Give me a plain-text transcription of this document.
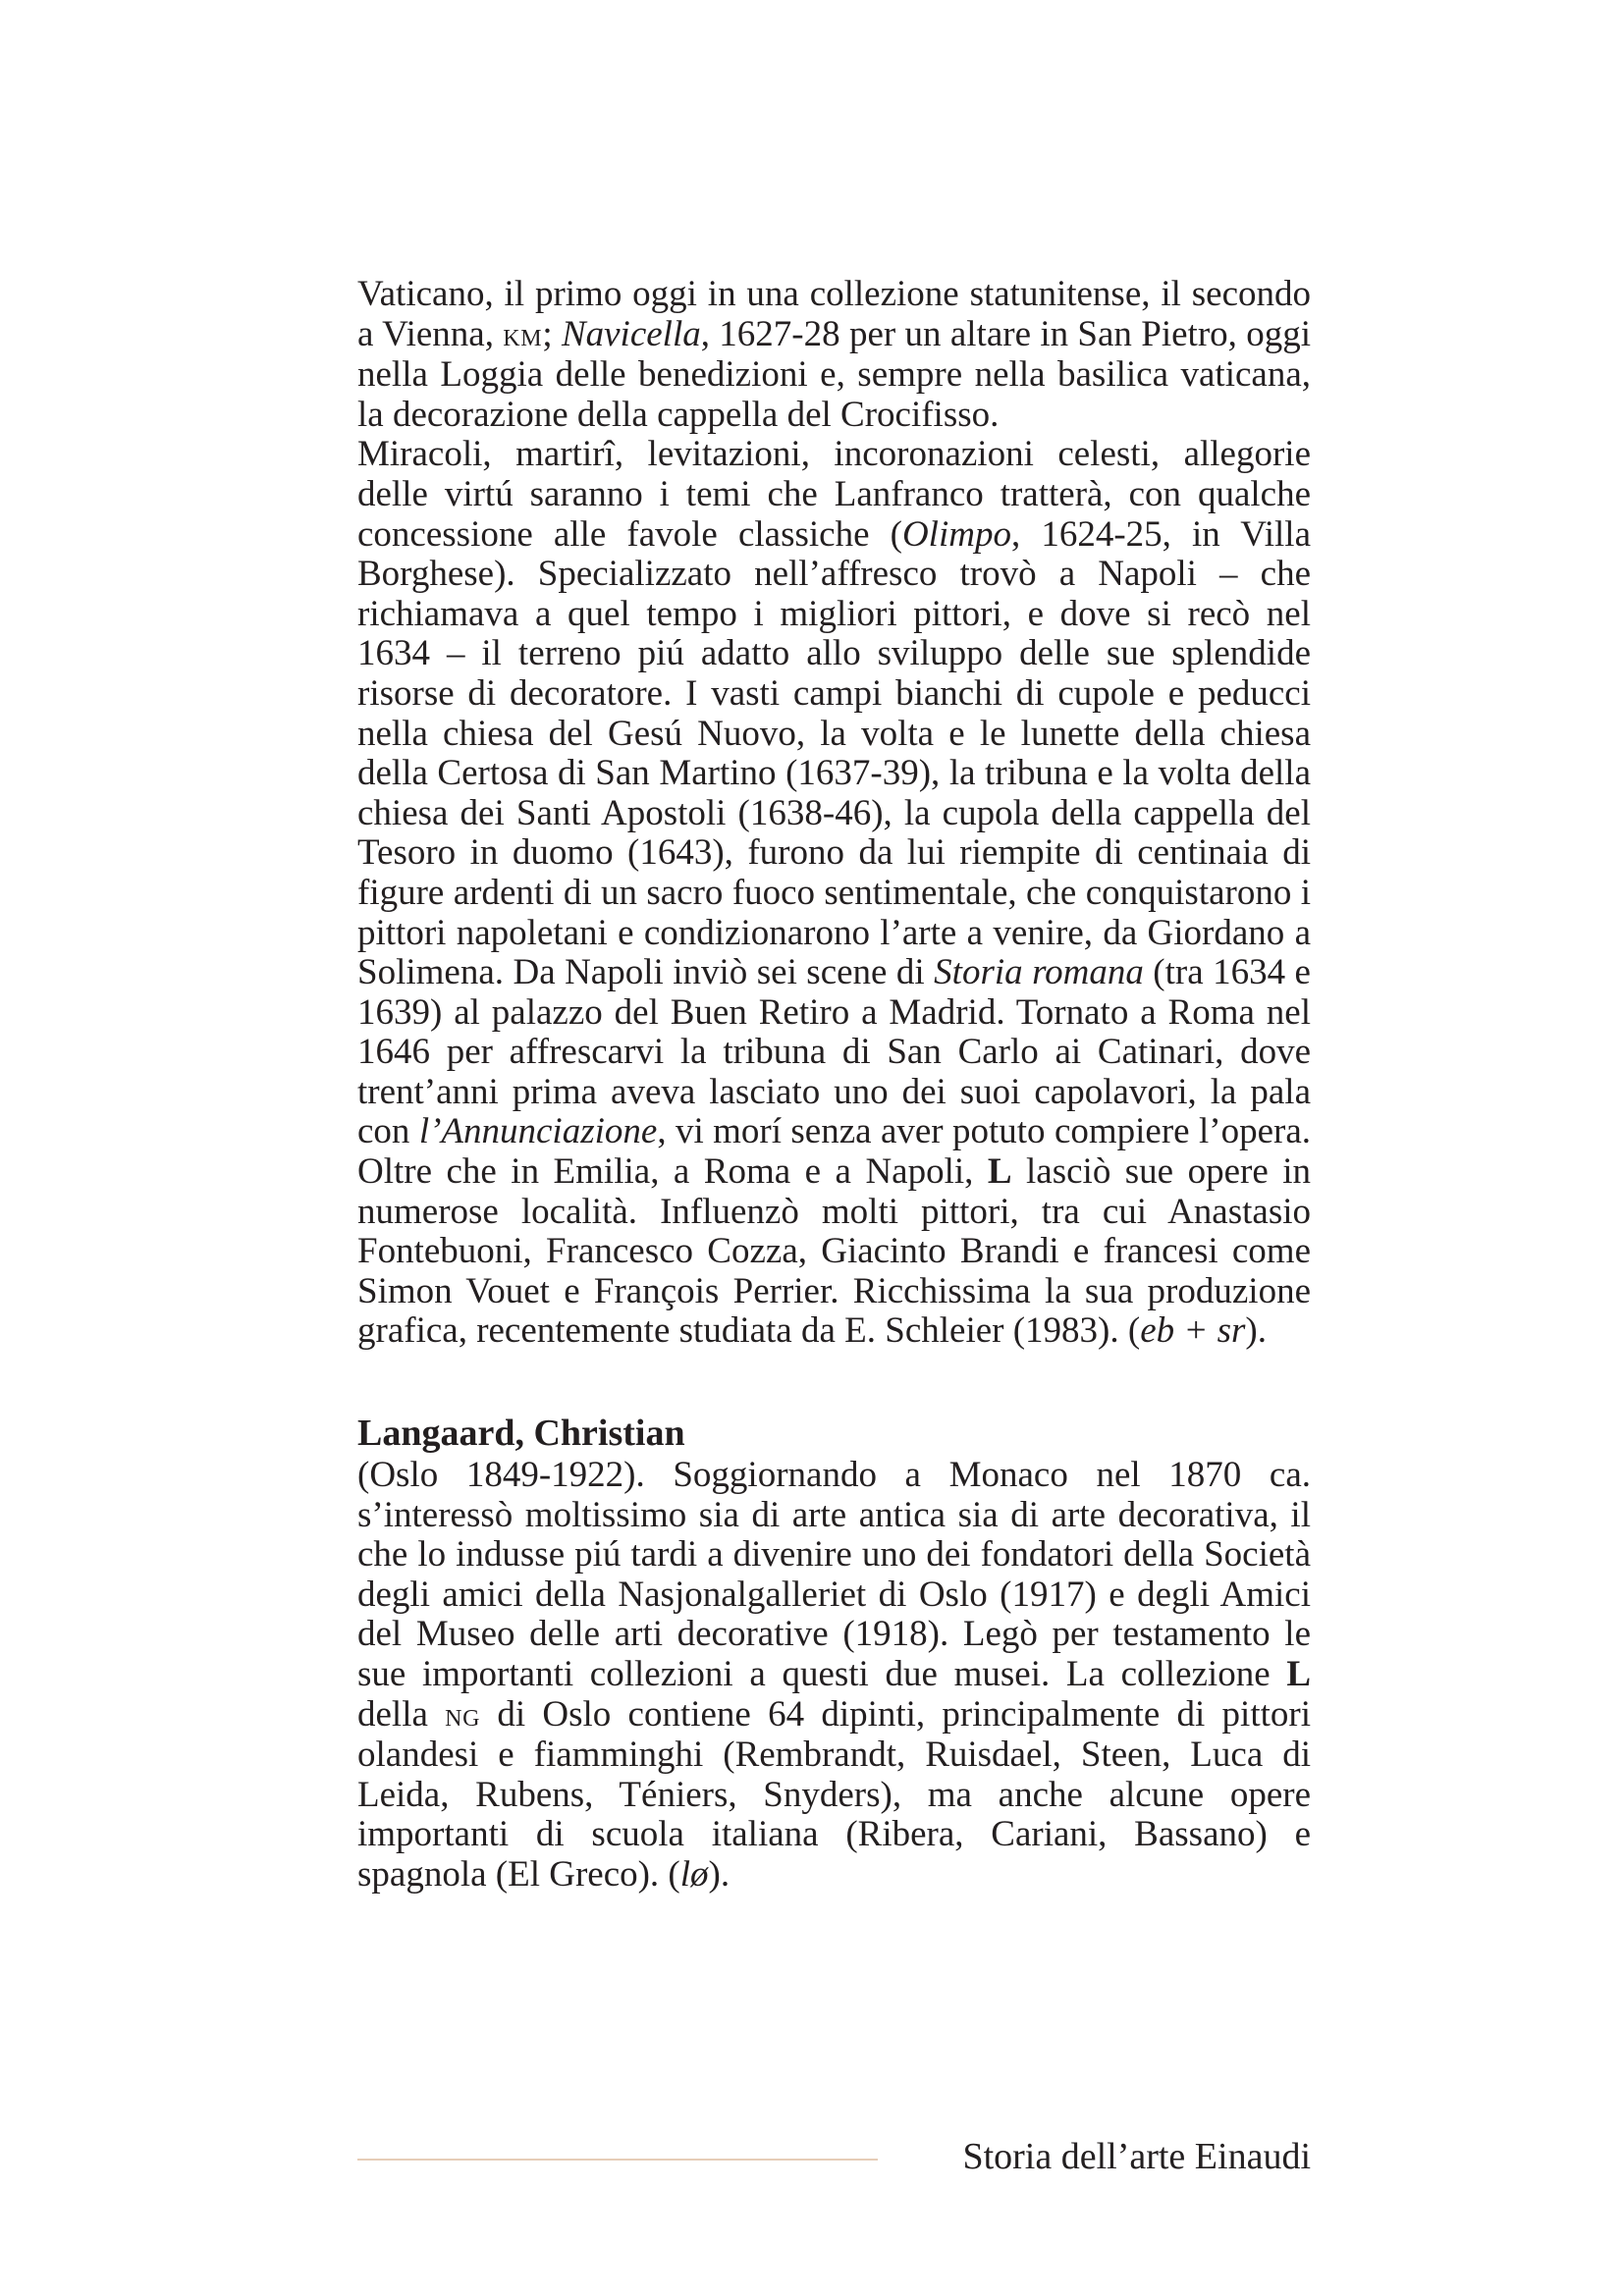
Vaticano, il primo oggi in una collezione statunitense, il secondo a Vienna, km; Navicella, 1627-28 per un altare in San Pietro, oggi nella Loggia delle benedizioni e, sempre nella basilica vaticana, la decorazione della cappella del Crocifisso.

Miracoli, martirî, levitazioni, incoronazioni celesti, allegorie delle virtú saranno i temi che Lanfranco tratterà, con qualche concessione alle favole classiche (Olimpo, 1624-25, in Villa Borghese). Specializzato nell’affresco trovò a Napoli – che richiamava a quel tempo i migliori pittori, e dove si recò nel 1634 – il terreno piú adatto allo sviluppo delle sue splendide risorse di decoratore. I vasti campi bianchi di cupole e peducci nella chiesa del Gesú Nuovo, la volta e le lunette della chiesa della Certosa di San Martino (1637-39), la tribuna e la volta della chiesa dei Santi Apostoli (1638-46), la cupola della cappella del Tesoro in duomo (1643), furono da lui riempite di centinaia di figure ardenti di un sacro fuoco sentimentale, che conquistarono i pittori napoletani e condizionarono l’arte a venire, da Giordano a Solimena. Da Napoli inviò sei scene di Storia romana (tra 1634 e 1639) al palazzo del Buen Retiro a Madrid. Tornato a Roma nel 1646 per affrescarvi la tribuna di San Carlo ai Catinari, dove trent’anni prima aveva lasciato uno dei suoi capolavori, la pala con l’Annunciazione, vi morí senza aver potuto compiere l’opera. Oltre che in Emilia, a Roma e a Napoli, L lasciò sue opere in numerose località. Influenzò molti pittori, tra cui Anastasio Fontebuoni, Francesco Cozza, Giacinto Brandi e francesi come Simon Vouet e François Perrier. Ricchissima la sua produzione grafica, recentemente studiata da E. Schleier (1983). (eb + sr).

Langaard, Christian

(Oslo 1849-1922). Soggiornando a Monaco nel 1870 ca. s’interessò moltissimo sia di arte antica sia di arte decorativa, il che lo indusse piú tardi a divenire uno dei fondatori della Società degli amici della Nasjonalgalleriet di Oslo (1917) e degli Amici del Museo delle arti decorative (1918). Legò per testamento le sue importanti collezioni a questi due musei. La collezione L della ng di Oslo contiene 64 dipinti, principalmente di pittori olandesi e fiamminghi (Rembrandt, Ruisdael, Steen, Luca di Leida, Rubens, Téniers, Snyders), ma anche alcune opere importanti di scuola italiana (Ribera, Cariani, Bassano) e spagnola (El Greco). (lø).

Storia dell’arte Einaudi
